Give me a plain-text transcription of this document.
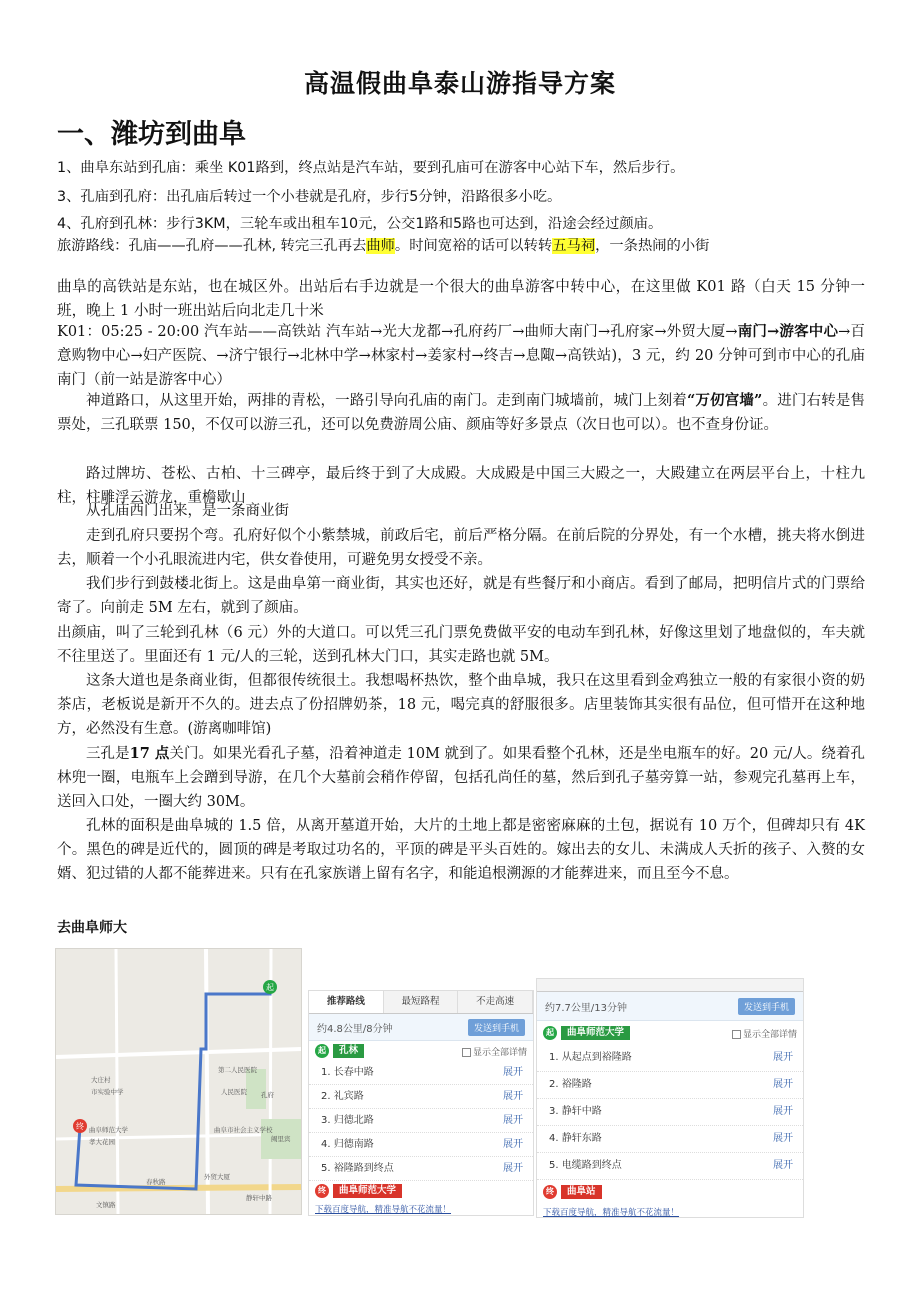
高温假曲阜泰山游指导方案
一、潍坊到曲阜
1、曲阜东站到孔庙：乘坐 K01路到，终点站是汽车站，要到孔庙可在游客中心站下车，然后步行。
3、孔庙到孔府：出孔庙后转过一个小巷就是孔府，步行5分钟，沿路很多小吃。
4、孔府到孔林：步行3KM，三轮车或出租车10元，公交1路和5路也可达到，沿途会经过颜庙。
旅游路线：孔庙——孔府——孔林, 转完三孔再去曲师。时间宽裕的话可以转转五马祠，一条热闹的小街
曲阜的高铁站是东站，也在城区外。出站后右手边就是一个很大的曲阜游客中转中心，在这里做 K01 路（白天 15 分钟一班，晚上 1 小时一班出站后向北走几十米
K01：05:25 - 20:00 汽车站——高铁站 汽车站→光大龙都→孔府药厂→曲师大南门→孔府家→外贸大厦→南门→游客中心→百意购物中心→妇产医院、→济宁银行→北林中学→林家村→姜家村→终吉→息陬→高铁站)，3 元，约 20 分钟可到市中心的孔庙南门（前一站是游客中心）
神道路口，从这里开始，两排的青松，一路引导向孔庙的南门。走到南门城墙前，城门上刻着“万仞宫墙”。进门右转是售票处，三孔联票 150，不仅可以游三孔，还可以免费游周公庙、颜庙等好多景点（次日也可以）。也不查身份证。
路过牌坊、苍松、古柏、十三碑亭，最后终于到了大成殿。大成殿是中国三大殿之一，大殿建立在两层平台上，十柱九柱，柱雕浮云游龙，重檐歇山
从孔庙西门出来，是一条商业街
走到孔府只要拐个弯。孔府好似个小紫禁城，前政后宅，前后严格分隔。在前后院的分界处，有一个水槽，挑夫将水倒进去，顺着一个小孔眼流进内宅，供女眷使用，可避免男女授受不亲。
我们步行到鼓楼北街上。这是曲阜第一商业街，其实也还好，就是有些餐厅和小商店。看到了邮局，把明信片式的门票给寄了。向前走 5M 左右，就到了颜庙。
出颜庙，叫了三轮到孔林（6 元）外的大道口。可以凭三孔门票免费做平安的电动车到孔林，好像这里划了地盘似的，车夫就不往里送了。里面还有 1 元/人的三轮，送到孔林大门口，其实走路也就 5M。
这条大道也是条商业街，但都很传统很土。我想喝杯热饮，整个曲阜城，我只在这里看到金鸡独立一般的有家很小资的奶茶店，老板说是新开不久的。进去点了份招牌奶茶，18 元，喝完真的舒服很多。店里装饰其实很有品位，但可惜开在这种地方，必然没有生意。(游离咖啡馆)
三孔是17 点关门。如果光看孔子墓，沿着神道走 10M 就到了。如果看整个孔林，还是坐电瓶车的好。20 元/人。绕着孔林兜一圈，电瓶车上会蹭到导游，在几个大墓前会稍作停留，包括孔尚任的墓，然后到孔子墓旁算一站，参观完孔墓再上车，送回入口处，一圈大约 30M。
孔林的面积是曲阜城的 1.5 倍，从离开墓道开始，大片的土地上都是密密麻麻的土包，据说有 10 万个，但碑却只有 4K 个。黑色的碑是近代的，圆顶的碑是考取过功名的，平顶的碑是平头百姓的。嫁出去的女儿、未满成人夭折的孩子、入赘的女婿、犯过错的人都不能葬进来。只有在孔家族谱上留有名字，和能追根溯源的才能葬进来，而且至今不息。
去曲阜师大
起
终
大庄村
市实验中学
曲阜师范大学
孝大花园
第二人民医院
人民医院 孔府
曲阜市社会主义学校
阙里宾
外贸大厦
静轩中路
文镇路
春秋路
推荐路线	最短路程	不走高速
约4.8公里/8分钟	发送到手机
起	孔林	显示全部详情
1. 长春中路	展开
2. 礼宾路	展开
3. 归德北路	展开
4. 归德南路	展开
5. 裕隆路到终点	展开
终	曲阜师范大学
下载百度导航，精准导航不花流量！
约7.7公里/13分钟	发送到手机
起	曲阜师范大学	显示全部详情
1. 从起点到裕隆路	展开
2. 裕隆路	展开
3. 静轩中路	展开
4. 静轩东路	展开
5. 电缆路到终点	展开
终	曲阜站
下载百度导航，精准导航不花流量！
